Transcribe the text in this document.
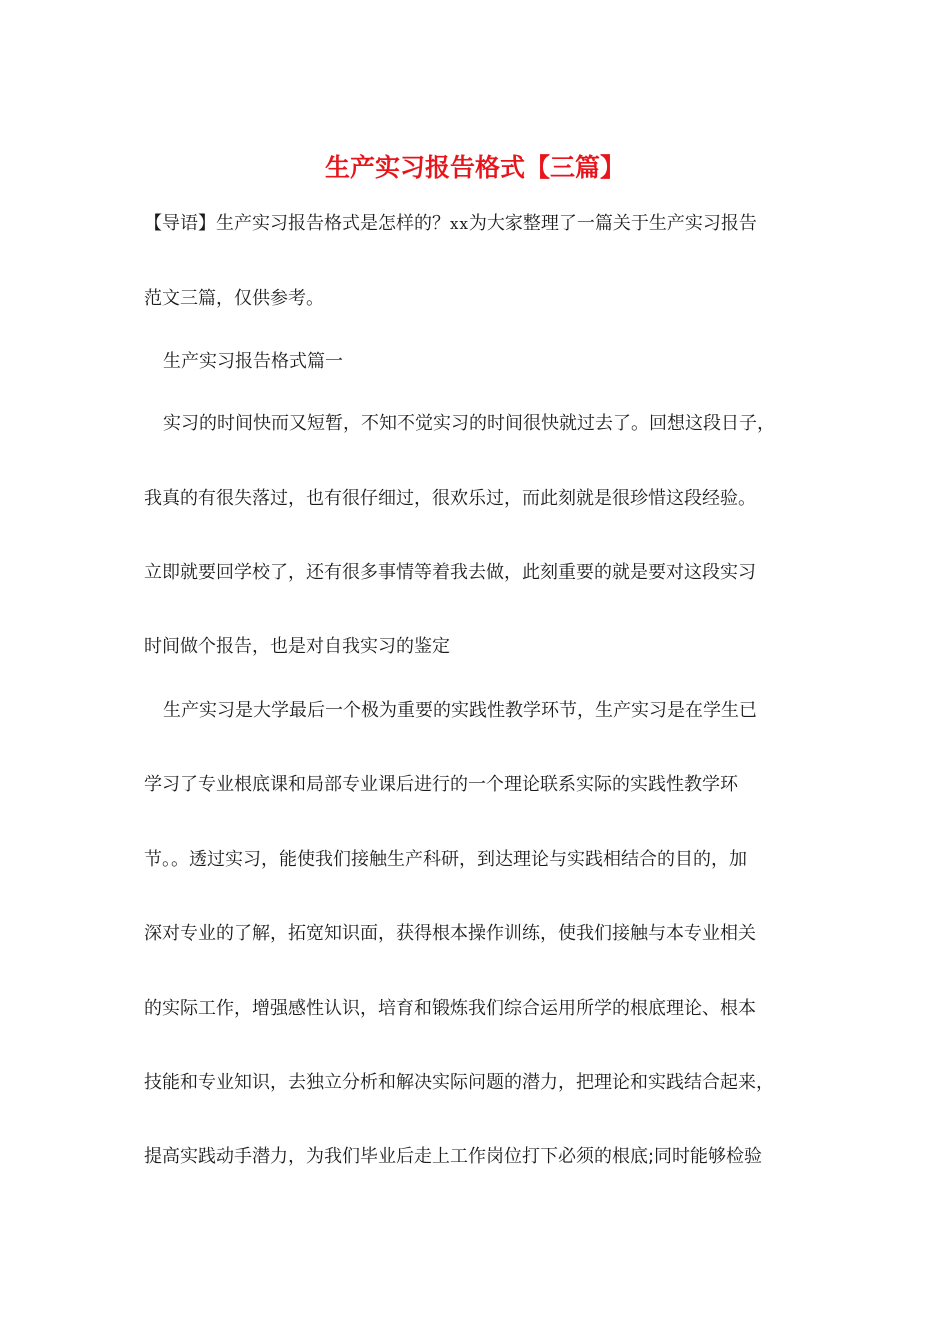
生产实习报告格式【三篇】

【导语】生产实习报告格式是怎样的？xx为大家整理了一篇关于生产实习报告

范文三篇，仅供参考。

生产实习报告格式篇一

实习的时间快而又短暂，不知不觉实习的时间很快就过去了。回想这段日子，

我真的有很失落过，也有很仔细过，很欢乐过，而此刻就是很珍惜这段经验。

立即就要回学校了，还有很多事情等着我去做，此刻重要的就是要对这段实习

时间做个报告，也是对自我实习的鉴定

生产实习是大学最后一个极为重要的实践性教学环节，生产实习是在学生已

学习了专业根底课和局部专业课后进行的一个理论联系实际的实践性教学环

节。。透过实习，能使我们接触生产科研，到达理论与实践相结合的目的，加

深对专业的了解，拓宽知识面，获得根本操作训练，使我们接触与本专业相关

的实际工作，增强感性认识，培育和锻炼我们综合运用所学的根底理论、根本

技能和专业知识，去独立分析和解决实际问题的潜力，把理论和实践结合起来，

提高实践动手潜力，为我们毕业后走上工作岗位打下必须的根底;同时能够检验
